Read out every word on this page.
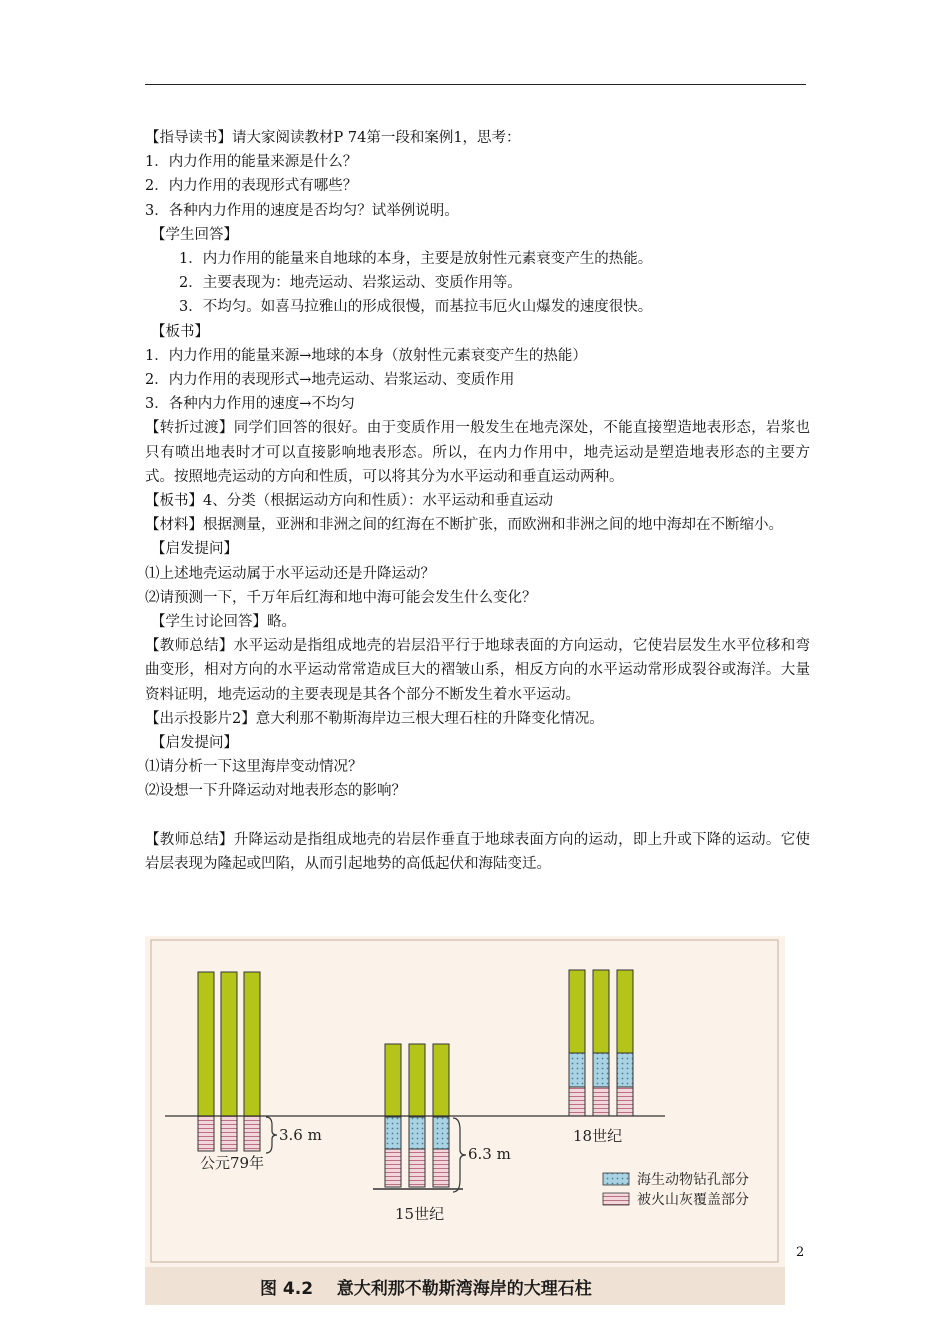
【指导读书】请大家阅读教材P 74第一段和案例1，思考：

1．内力作用的能量来源是什么？

2．内力作用的表现形式有哪些？

3．各种内力作用的速度是否均匀？试举例说明。

【学生回答】

1．内力作用的能量来自地球的本身，主要是放射性元素衰变产生的热能。

2．主要表现为：地壳运动、岩浆运动、变质作用等。

3．不均匀。如喜马拉雅山的形成很慢，而基拉韦厄火山爆发的速度很快。

【板书】

1．内力作用的能量来源→地球的本身（放射性元素衰变产生的热能）

2．内力作用的表现形式→地壳运动、岩浆运动、变质作用

3．各种内力作用的速度→不均匀

【转折过渡】同学们回答的很好。由于变质作用一般发生在地壳深处，不能直接塑造地表形态，岩浆也只有喷出地表时才可以直接影响地表形态。所以，在内力作用中，地壳运动是塑造地表形态的主要方式。按照地壳运动的方向和性质，可以将其分为水平运动和垂直运动两种。

【板书】4、分类（根据运动方向和性质）：水平运动和垂直运动

【材料】根据测量，亚洲和非洲之间的红海在不断扩张，而欧洲和非洲之间的地中海却在不断缩小。

【启发提问】

⑴上述地壳运动属于水平运动还是升降运动？

⑵请预测一下，千万年后红海和地中海可能会发生什么变化？

【学生讨论回答】略。

【教师总结】水平运动是指组成地壳的岩层沿平行于地球表面的方向运动，它使岩层发生水平位移和弯曲变形，相对方向的水平运动常常造成巨大的褶皱山系，相反方向的水平运动常形成裂谷或海洋。大量资料证明，地壳运动的主要表现是其各个部分不断发生着水平运动。

【出示投影片2】意大利那不勒斯海岸边三根大理石柱的升降变化情况。

【启发提问】

⑴请分析一下这里海岸变动情况？

⑵设想一下升降运动对地表形态的影响？

【教师总结】升降运动是指组成地壳的岩层作垂直于地球表面方向的运动，即上升或下降的运动。它使岩层表现为隆起或凹陷，从而引起地势的高低起伏和海陆变迁。

3.6 m
公元79年	6.3 m
15世纪
18世纪
海生动物钻孔部分
被火山灰覆盖部分
图 4.2    意大利那不勒斯湾海岸的大理石柱
2
